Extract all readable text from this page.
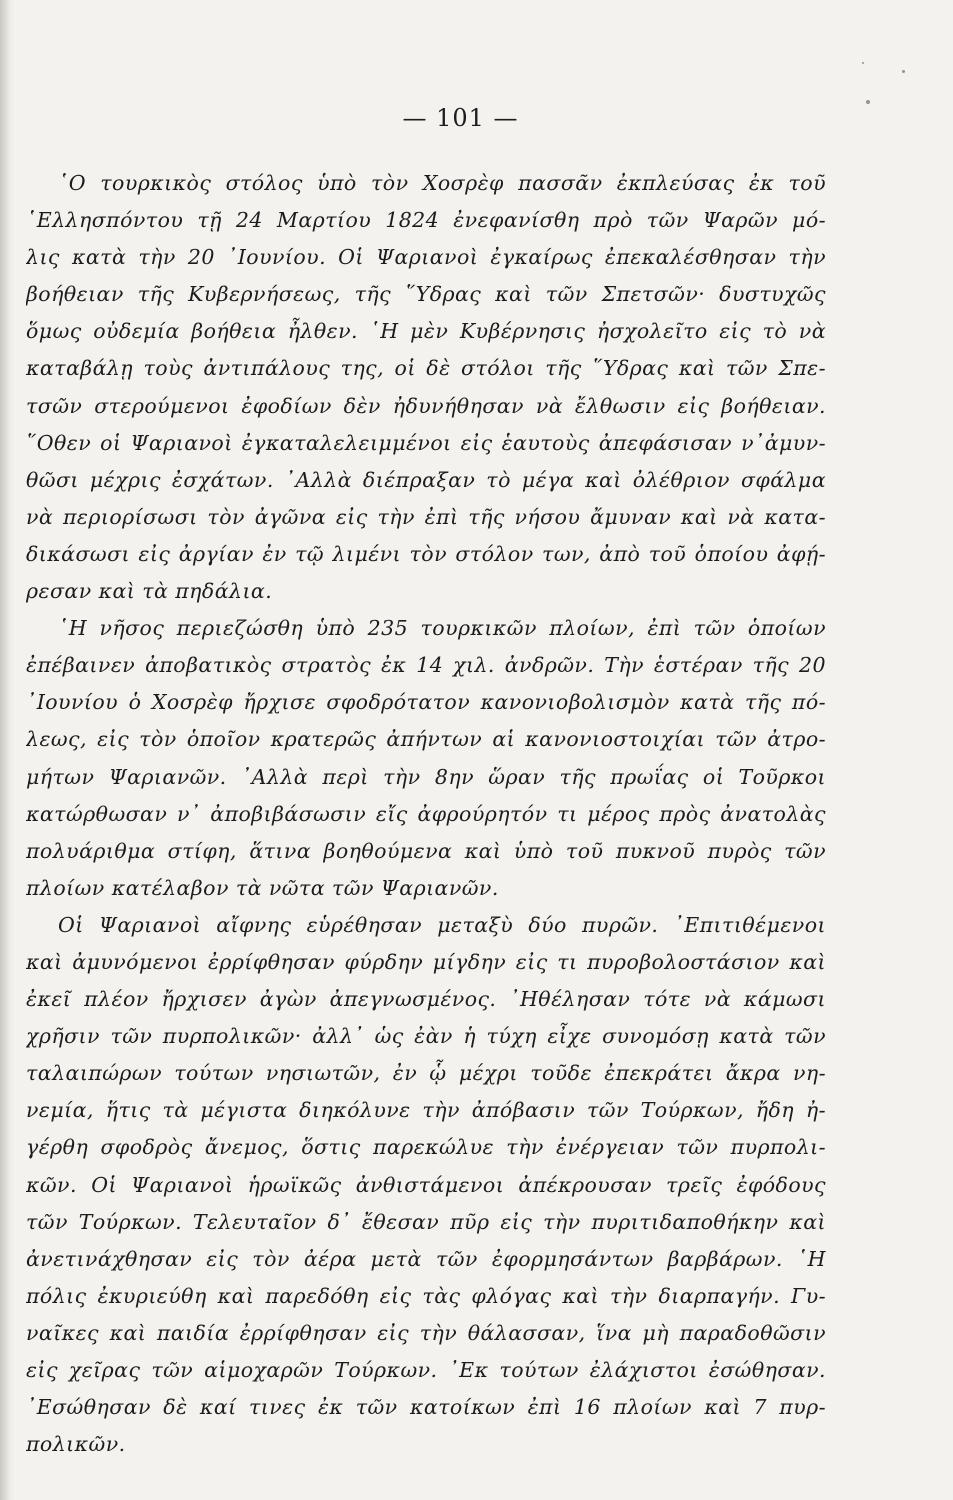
— 101 —
῾Ο τουρκικὸς στόλος ὑπὸ τὸν Χοσρὲφ πασσᾶν ἐκπλεύσας ἐκ τοῦ
῾Ελλησπόντου τῇ 24 Μαρτίου 1824 ἐνεφανίσθη πρὸ τῶν Ψαρῶν μό-
λις κατὰ τὴν 20 ᾿Ιουνίου. Οἱ Ψαριανοὶ ἐγκαίρως ἐπεκαλέσθησαν τὴν
βοήθειαν τῆς Κυβερνήσεως, τῆς ῞Υδρας καὶ τῶν Σπετσῶν· δυστυχῶς
ὅμως οὐδεμία βοήθεια ἦλθεν. ῾Η μὲν Κυβέρνησις ἠσχολεῖτο εἰς τὸ νὰ
καταβάλῃ τοὺς ἀντιπάλους της, οἱ δὲ στόλοι τῆς ῞Υδρας καὶ τῶν Σπε-
τσῶν στερούμενοι ἐφοδίων δὲν ἠδυνήθησαν νὰ ἔλθωσιν εἰς βοήθειαν.
῞Οθεν οἱ Ψαριανοὶ ἐγκαταλελειμμένοι εἰς ἑαυτοὺς ἀπεφάσισαν ν᾿ἀμυν-
θῶσι μέχρις ἐσχάτων. ᾿Αλλὰ διέπραξαν τὸ μέγα καὶ ὀλέθριον σφάλμα
νὰ περιορίσωσι τὸν ἀγῶνα εἰς τὴν ἐπὶ τῆς νήσου ἄμυναν καὶ νὰ κατα-
δικάσωσι εἰς ἀργίαν ἐν τῷ λιμένι τὸν στόλον των, ἀπὸ τοῦ ὁποίου ἀφῄ-
ρεσαν καὶ τὰ πηδάλια.
῾Η νῆσος περιεζώσθη ὑπὸ 235 τουρκικῶν πλοίων, ἐπὶ τῶν ὁποίων
ἐπέβαινεν ἀποβατικὸς στρατὸς ἐκ 14 χιλ. ἀνδρῶν. Τὴν ἑστέραν τῆς 20
᾿Ιουνίου ὁ Χοσρὲφ ἤρχισε σφοδρότατον κανονιοβολισμὸν κατὰ τῆς πό-
λεως, εἰς τὸν ὁποῖον κρατερῶς ἀπήντων αἱ κανονιοστοιχίαι τῶν ἀτρο-
μήτων Ψαριανῶν. ᾿Αλλὰ περὶ τὴν 8ην ὥραν τῆς πρωΐας οἱ Τοῦρκοι
κατώρθωσαν ν᾿ ἀποβιβάσωσιν εἴς ἀφρούρητόν τι μέρος πρὸς ἀνατολὰς
πολυάριθμα στίφη, ἅτινα βοηθούμενα καὶ ὑπὸ τοῦ πυκνοῦ πυρὸς τῶν
πλοίων κατέλαβον τὰ νῶτα τῶν Ψαριανῶν.
Οἱ Ψαριανοὶ αἴφνης εὑρέθησαν μεταξὺ δύο πυρῶν. ᾿Επιτιθέμενοι
καὶ ἀμυνόμενοι ἐρρίφθησαν φύρδην μίγδην εἰς τι πυροβολοστάσιον καὶ
ἐκεῖ πλέον ἤρχισεν ἀγὼν ἀπεγνωσμένος. ᾿Ηθέλησαν τότε νὰ κάμωσι
χρῆσιν τῶν πυρπολικῶν· ἀλλ᾿ ὡς ἐὰν ἡ τύχη εἶχε συνομόσῃ κατὰ τῶν
ταλαιπώρων τούτων νησιωτῶν, ἐν ᾧ μέχρι τοῦδε ἐπεκράτει ἄκρα νη-
νεμία, ἥτις τὰ μέγιστα διηκόλυνε τὴν ἀπόβασιν τῶν Τούρκων, ἤδη ἠ-
γέρθη σφοδρὸς ἄνεμος, ὅστις παρεκώλυε τὴν ἐνέργειαν τῶν πυρπολι-
κῶν. Οἱ Ψαριανοὶ ἡρωϊκῶς ἀνθιστάμενοι ἀπέκρουσαν τρεῖς ἐφόδους
τῶν Τούρκων. Τελευταῖον δ᾿ ἔθεσαν πῦρ εἰς τὴν πυριτιδαποθήκην καὶ
ἀνετινάχθησαν εἰς τὸν ἀέρα μετὰ τῶν ἐφορμησάντων βαρβάρων. ῾Η
πόλις ἐκυριεύθη καὶ παρεδόθη εἰς τὰς φλόγας καὶ τὴν διαρπαγήν. Γυ-
ναῖκες καὶ παιδία ἐρρίφθησαν εἰς τὴν θάλασσαν, ἵνα μὴ παραδοθῶσιν
εἰς χεῖρας τῶν αἱμοχαρῶν Τούρκων. ᾿Εκ τούτων ἐλάχιστοι ἐσώθησαν.
᾿Εσώθησαν δὲ καί τινες ἐκ τῶν κατοίκων ἐπὶ 16 πλοίων καὶ 7 πυρ-
πολικῶν.
